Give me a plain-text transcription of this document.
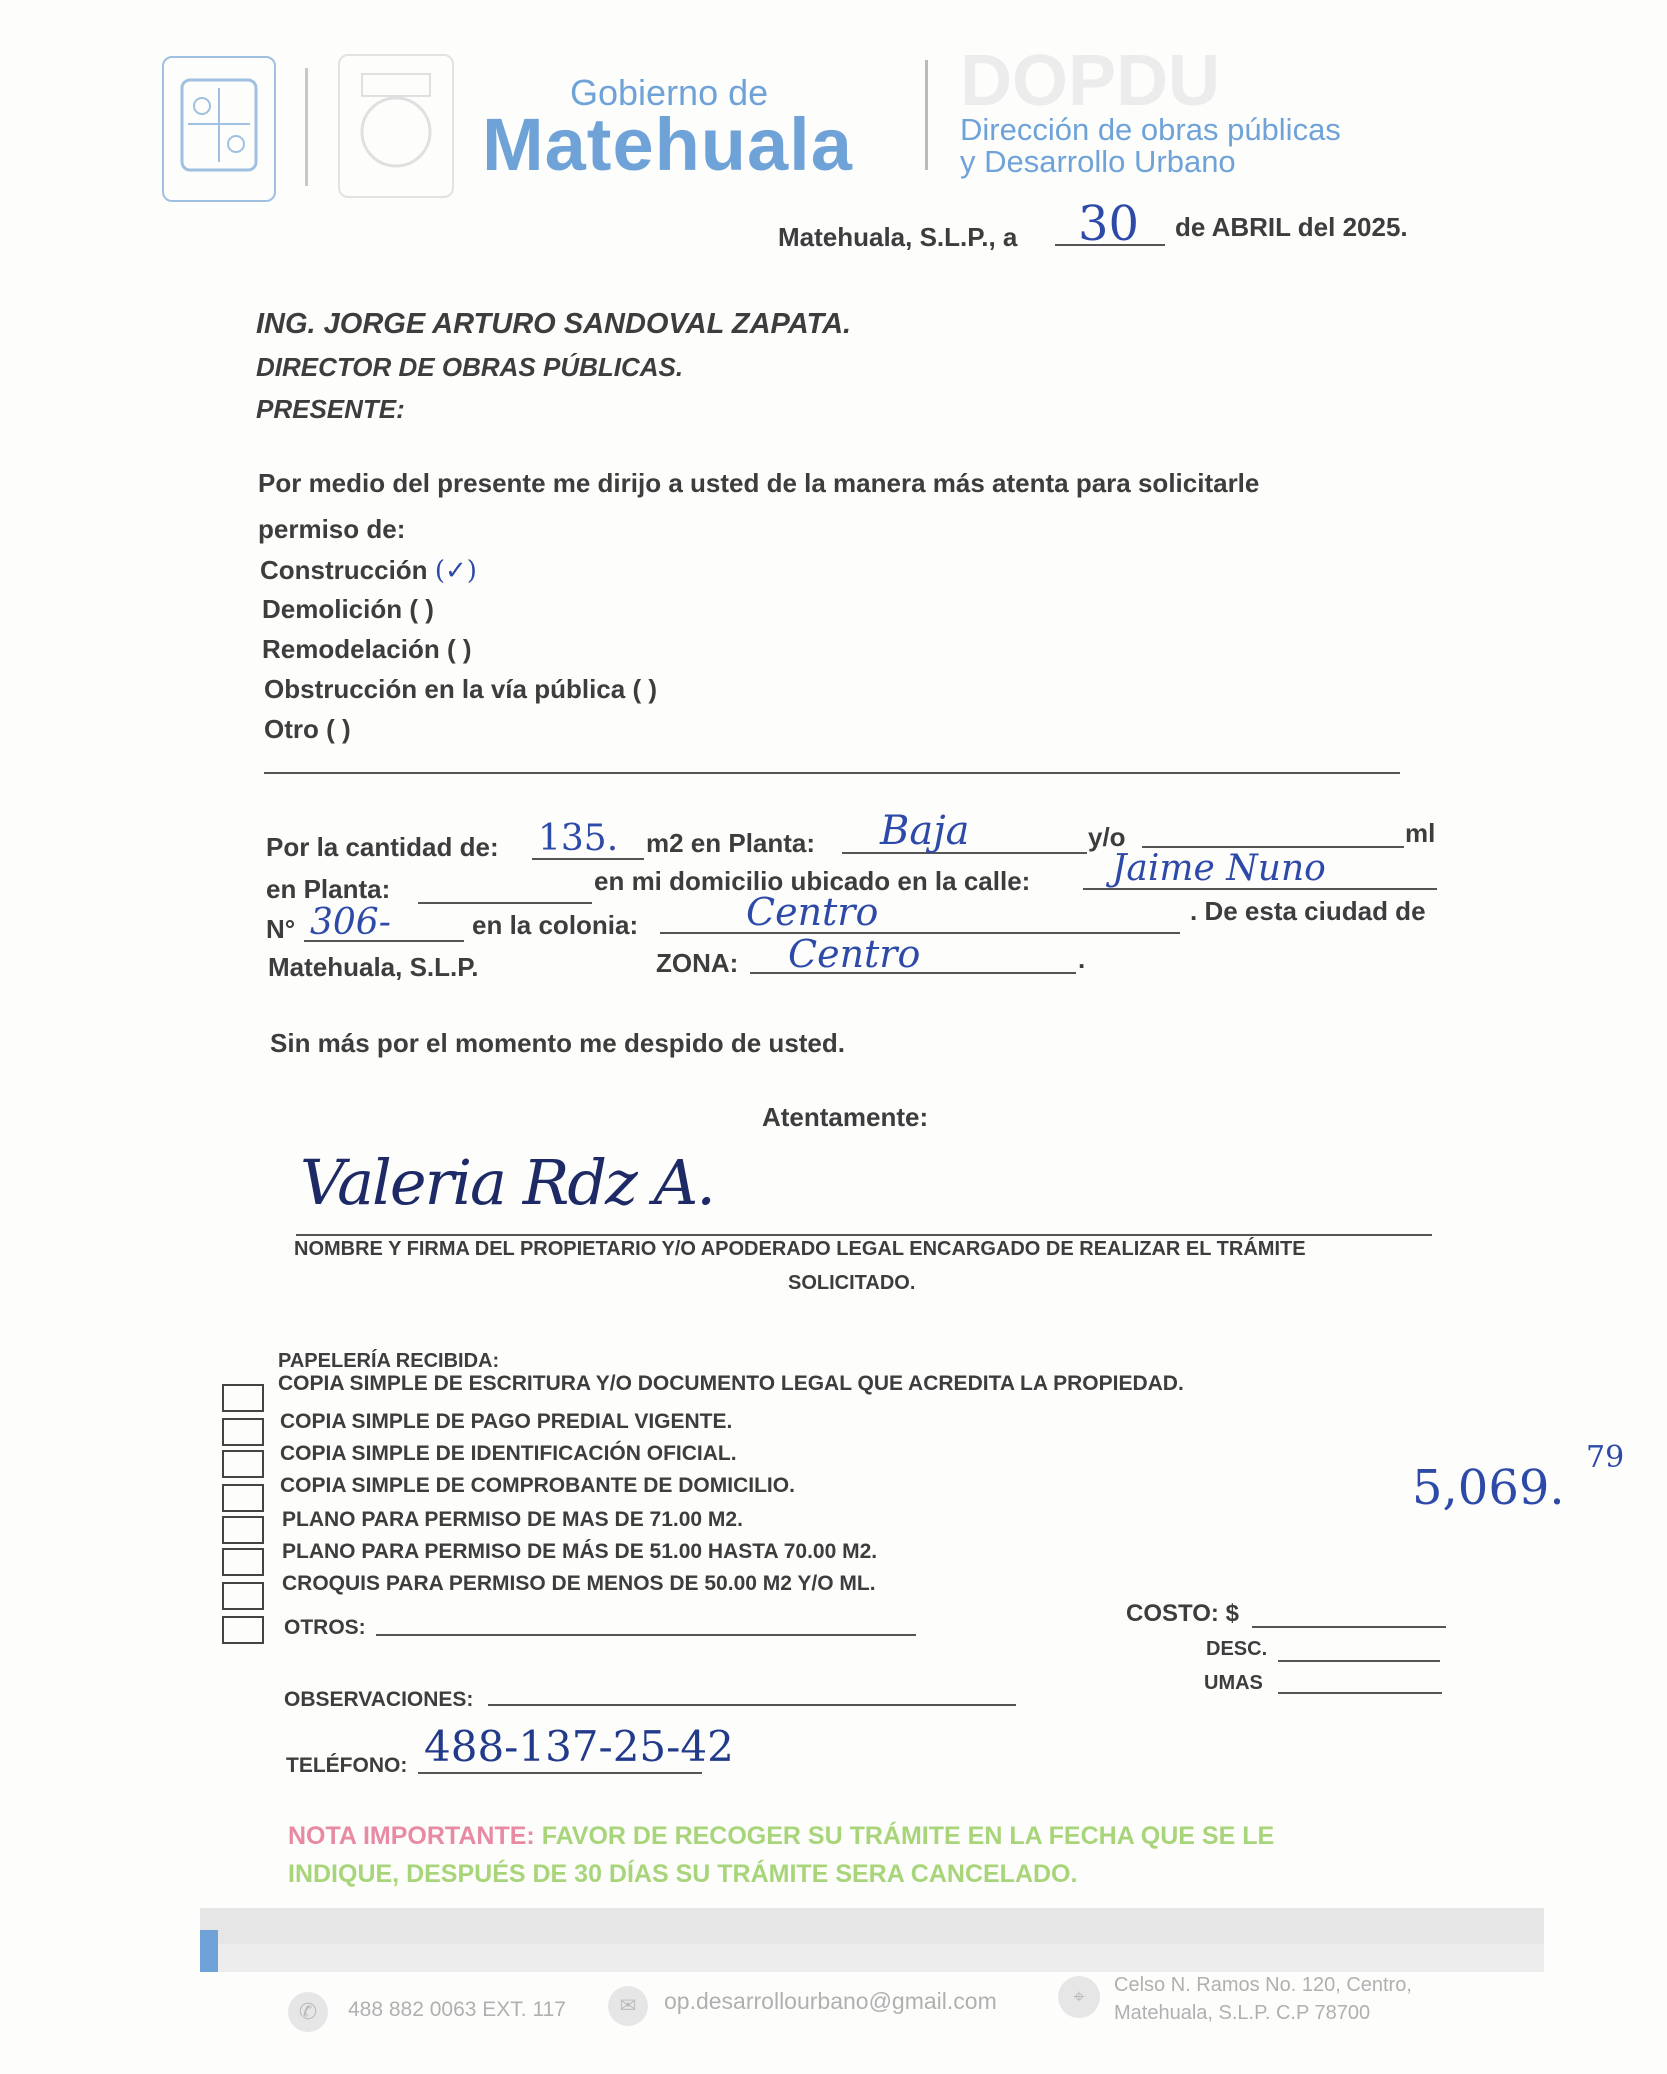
Gobierno de
Matehuala
DOPDU
Dirección de obras públicas
y Desarrollo Urbano
Matehuala, S.L.P., a 30 de ABRIL del 2025.
ING. JORGE ARTURO SANDOVAL ZAPATA.
DIRECTOR DE OBRAS PÚBLICAS.
PRESENTE:
Por medio del presente me dirijo a usted de la manera más atenta para solicitarle
permiso de:
Construcción (✓)
Demolición ( )
Remodelación ( )
Obstrucción en la vía pública ( )
Otro ( )
Por la cantidad de: 135. m2 en Planta: Baja	y/o	ml
en Planta:	en mi domicilio ubicado en la calle: Jaime Nuno
N° 306-	en la colonia:	Centro	. De esta ciudad de
Matehuala, S.L.P.	ZONA: Centro	.
Sin más por el momento me despido de usted.
Atentamente:
Valeria Rdz A.
NOMBRE Y FIRMA DEL PROPIETARIO Y/O APODERADO LEGAL ENCARGADO DE REALIZAR EL TRÁMITE
SOLICITADO.
PAPELERÍA RECIBIDA:
COPIA SIMPLE DE ESCRITURA Y/O DOCUMENTO LEGAL QUE ACREDITA LA PROPIEDAD.
COPIA SIMPLE DE PAGO PREDIAL VIGENTE.
COPIA SIMPLE DE IDENTIFICACIÓN OFICIAL.
COPIA SIMPLE DE COMPROBANTE DE DOMICILIO.
PLANO PARA PERMISO DE MAS DE 71.00 M2.
PLANO PARA PERMISO DE MÁS DE 51.00 HASTA 70.00 M2.
CROQUIS PARA PERMISO DE MENOS DE 50.00 M2 Y/O ML.
OTROS:
5,069.
79
COSTO: $
DESC.
UMAS
OBSERVACIONES:
TELÉFONO: 488-137-25-42
NOTA IMPORTANTE: FAVOR DE RECOGER SU TRÁMITE EN LA FECHA QUE SE LE
INDIQUE, DESPUÉS DE 30 DÍAS SU TRÁMITE SERA CANCELADO.
✆	488 882 0063 EXT. 117	✉	op.desarrollourbano@gmail.com	⌖
Celso N. Ramos No. 120, Centro,
Matehuala, S.L.P. C.P 78700
